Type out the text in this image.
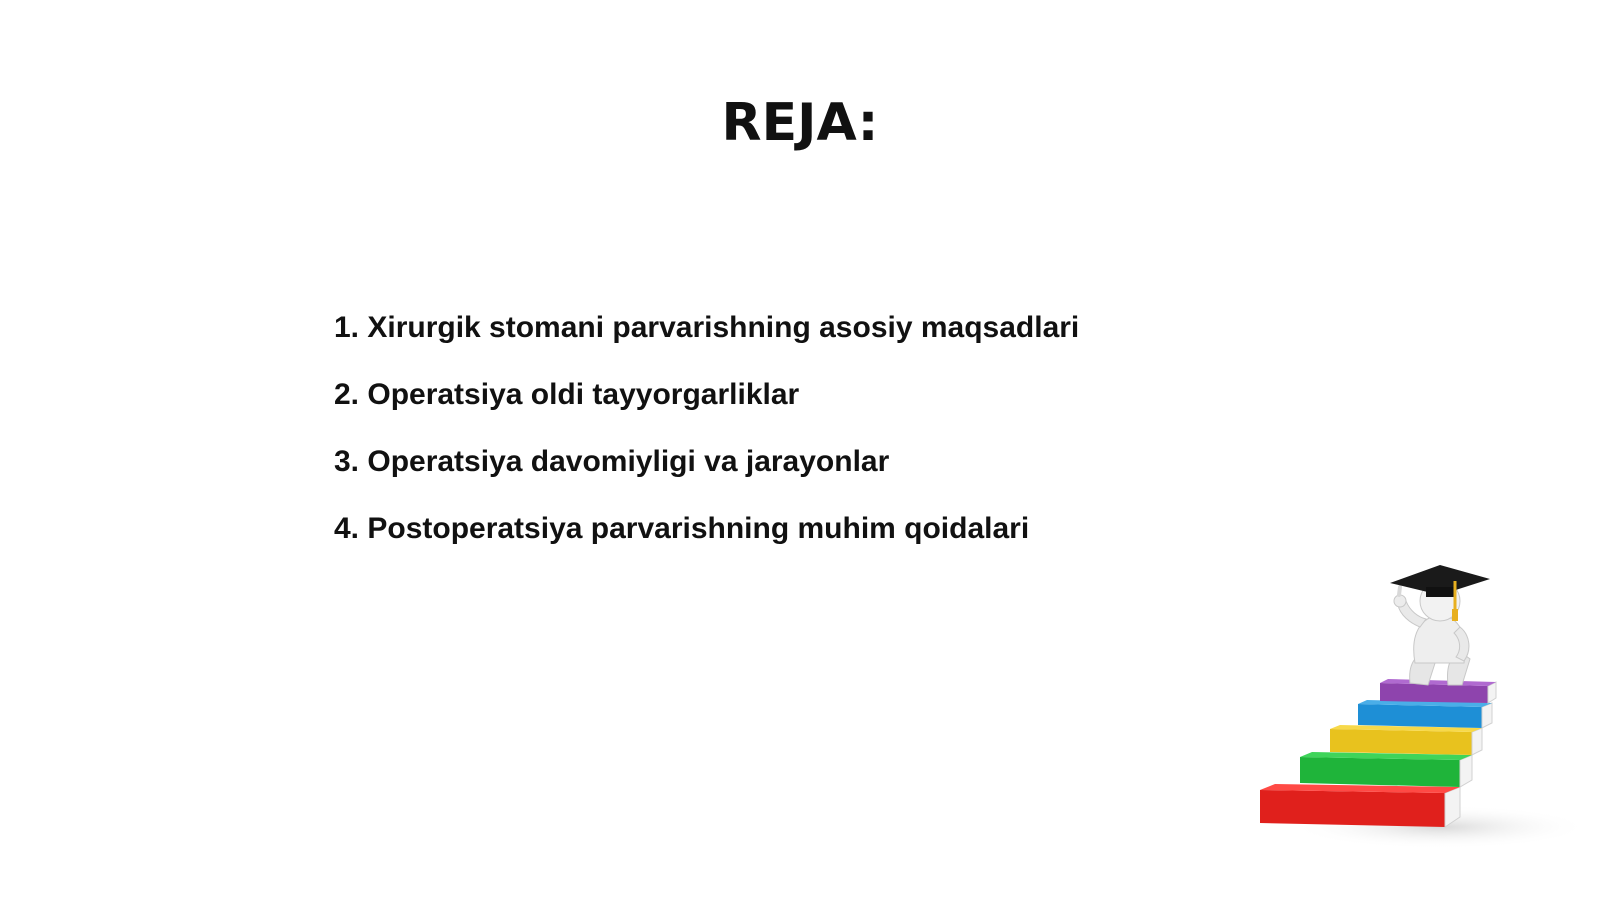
REJA:
1. Xirurgik stomani parvarishning asosiy maqsadlari
2. Operatsiya oldi tayyorgarliklar
3. Operatsiya davomiyligi va jarayonlar
4. Postoperatsiya parvarishning muhim qoidalari
